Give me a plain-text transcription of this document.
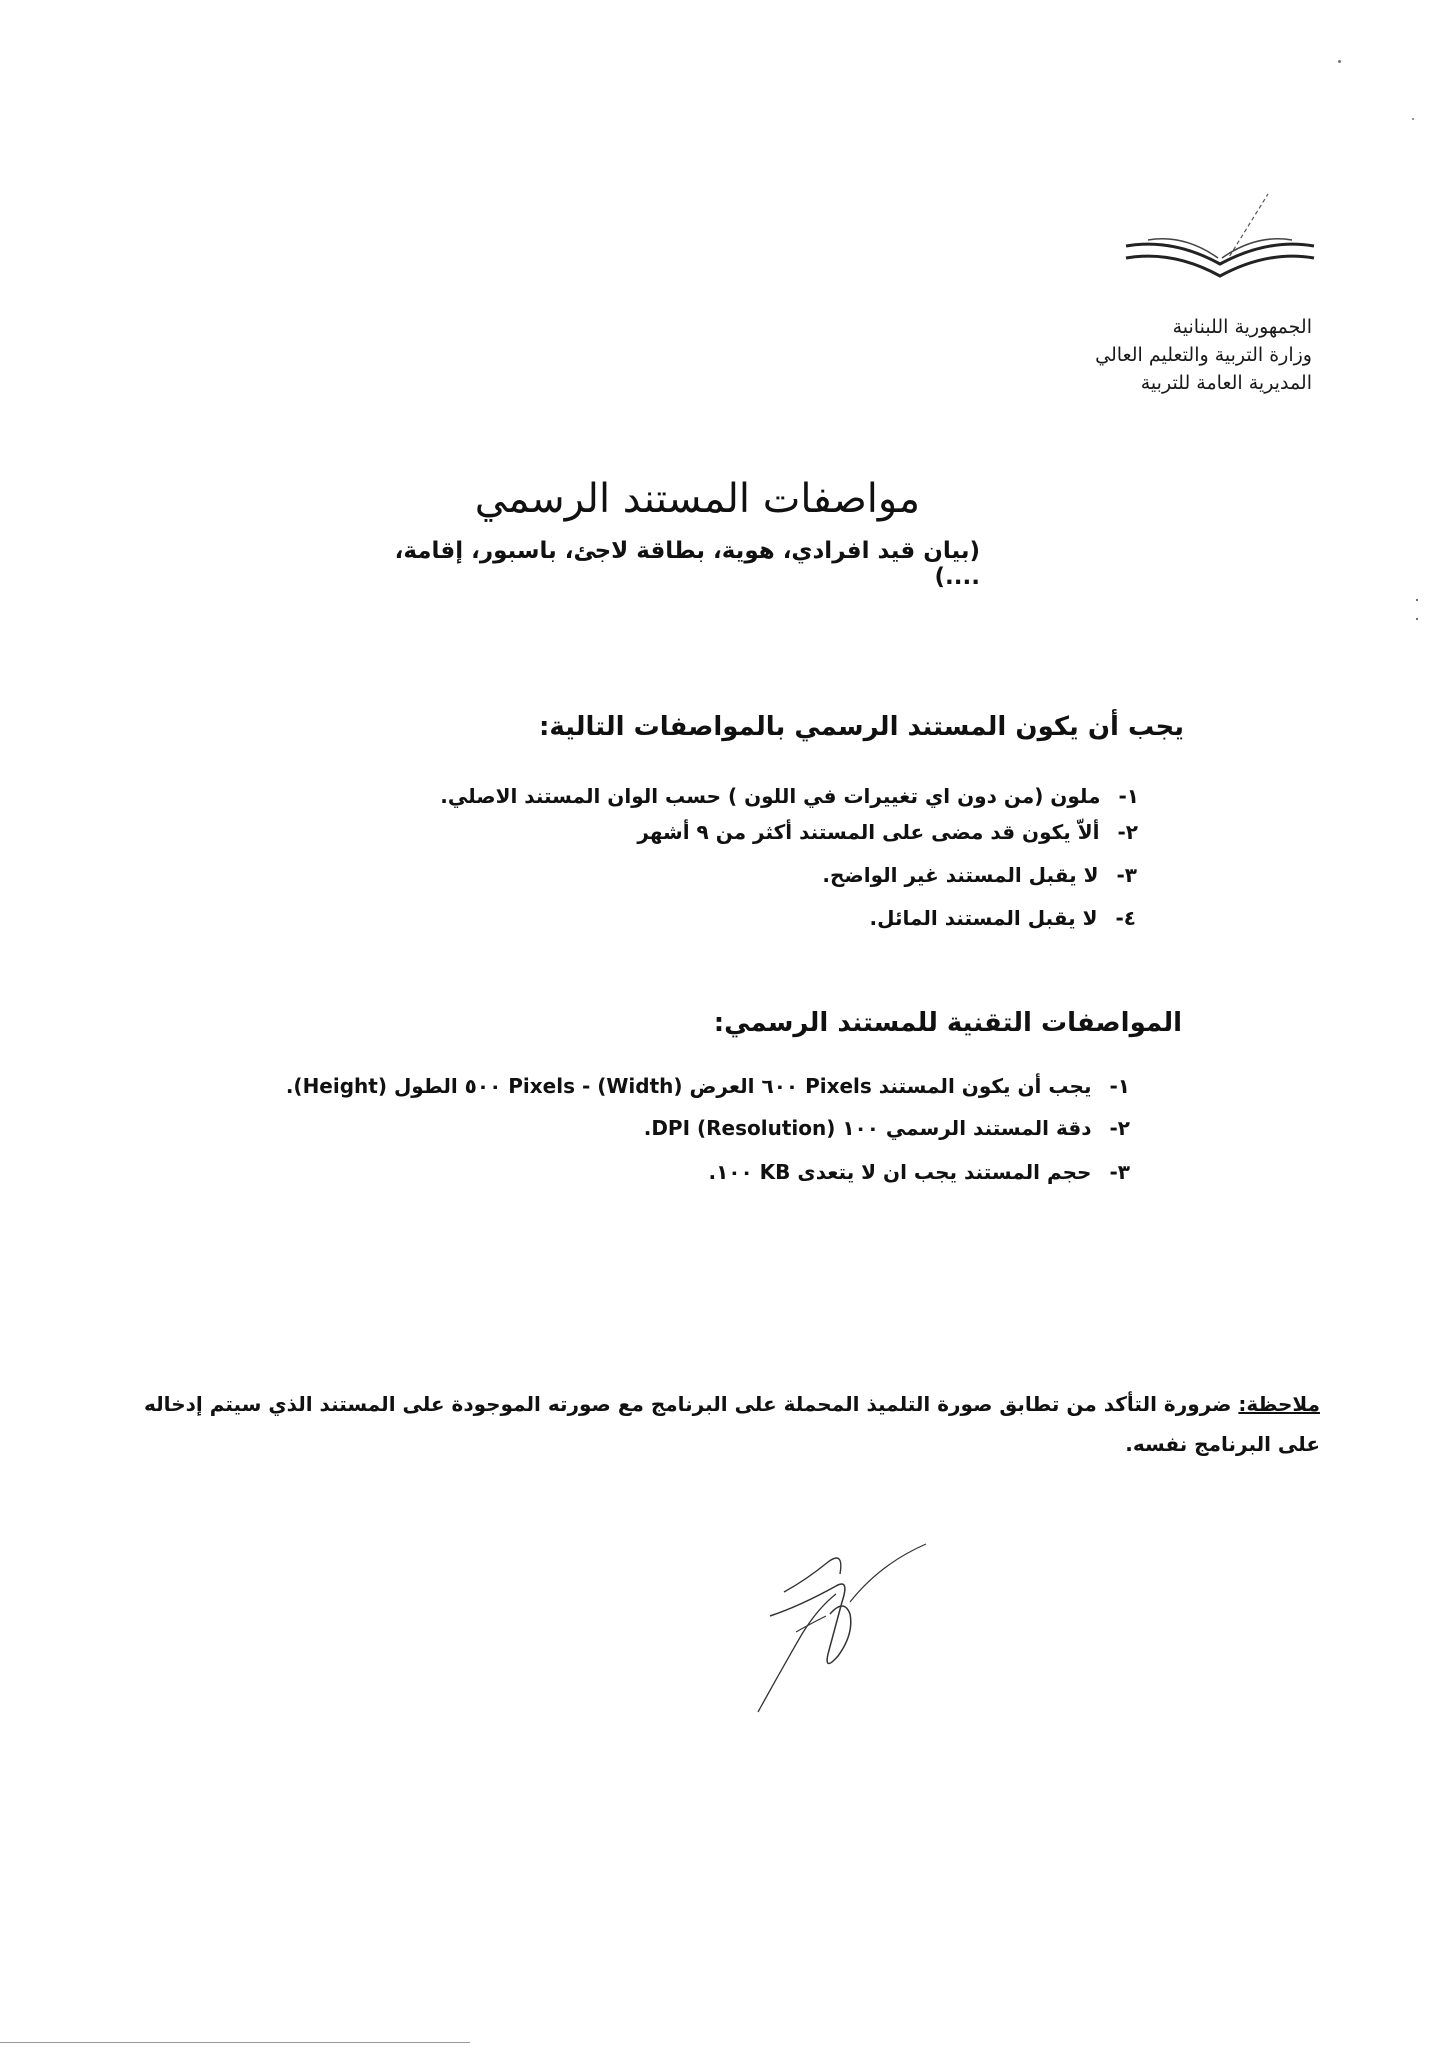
الجمهورية اللبنانية
وزارة التربية والتعليم العالي
المديرية العامة للتربية
مواصفات المستند الرسمي
(بيان قيد افرادي، هوية، بطاقة لاجئ، باسبور، إقامة، ....)
يجب أن يكون المستند الرسمي بالمواصفات التالية:
١-ملون (من دون اي تغييرات في اللون ) حسب الوان المستند الاصلي.
٢-ألاّ يكون قد مضى على المستند أكثر من ٩ أشهر
٣-لا يقبل المستند غير الواضح.
٤-لا يقبل المستند المائل.
المواصفات التقنية للمستند الرسمي:
١-يجب أن يكون المستند Pixels ٦٠٠ العرض (Width) - Pixels ٥٠٠ الطول (Height).
٢-دقة المستند الرسمي ١٠٠ DPI (Resolution).
٣-حجم المستند يجب ان لا يتعدى KB ١٠٠.
ملاحظة: ضرورة التأكد من تطابق صورة التلميذ المحملة على البرنامج مع صورته الموجودة على المستند الذي سيتم إدخاله على البرنامج نفسه.
